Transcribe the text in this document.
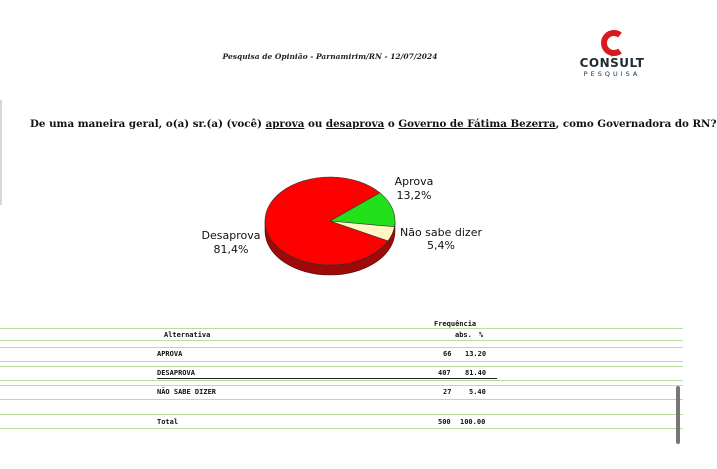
Pesquisa de Opinião - Parnamirim/RN - 12/07/2024	CONSULT
PESQUISA
De uma maneira geral, o(a) sr.(a) (você) aprova ou desaprova o Governo de Fátima Bezerra, como Governadora do RN?
Aprova
13,2%
Não sabe dizer
5,4%
Desaprova
81,4%
Frequência
Alternativa	abs. %
APROVA	66 13.20
DESAPROVA	407 81.40
NÃO SABE DIZER	27	5.40
Total	500 100.00
